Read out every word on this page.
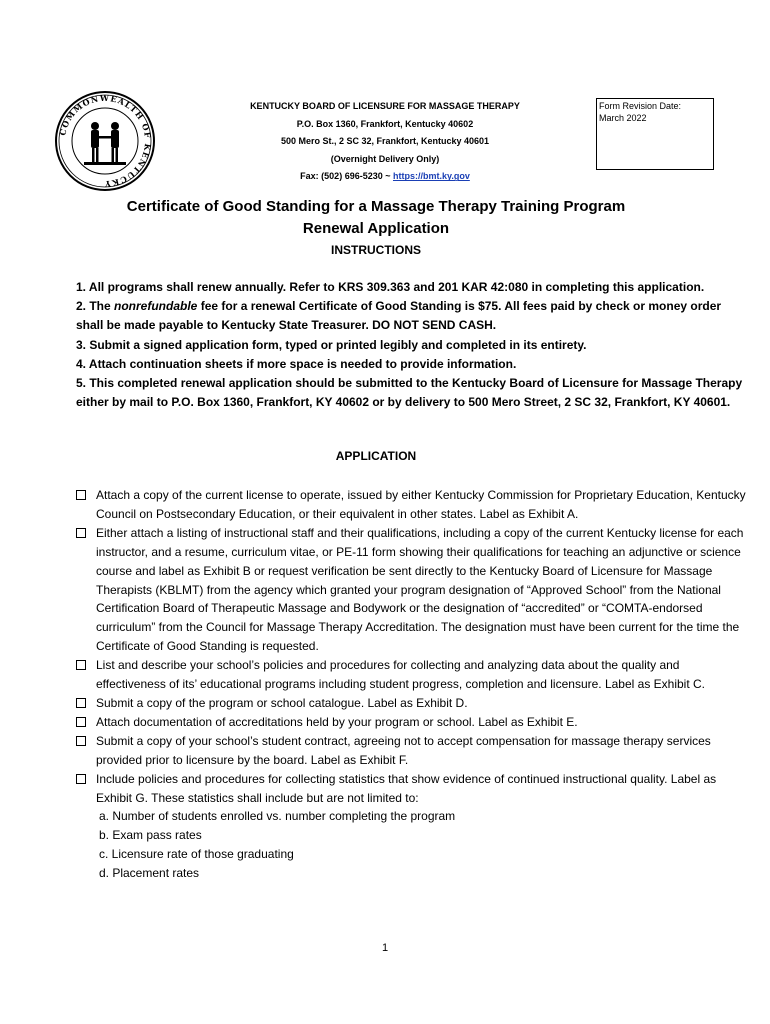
COMMONWEALTH OF KENTUCKY
KENTUCKY BOARD OF LICENSURE FOR MASSAGE THERAPY
P.O. Box 1360, Frankfort, Kentucky 40602
500 Mero St., 2 SC 32, Frankfort, Kentucky 40601
(Overnight Delivery Only)
Fax: (502) 696-5230 ~ https://bmt.ky.gov
Form Revision Date:
March 2022
Certificate of Good Standing for a Massage Therapy Training Program
Renewal Application
INSTRUCTIONS

1. All programs shall renew annually. Refer to KRS 309.363 and 201 KAR 42:080 in completing this application.

2. The nonrefundable fee for a renewal Certificate of Good Standing is $75. All fees paid by check or money order shall be made payable to Kentucky State Treasurer. DO NOT SEND CASH.

3. Submit a signed application form, typed or printed legibly and completed in its entirety.

4. Attach continuation sheets if more space is needed to provide information.

5. This completed renewal application should be submitted to the Kentucky Board of Licensure for Massage Therapy either by mail to P.O. Box 1360, Frankfort, KY 40602 or by delivery to 500 Mero Street, 2 SC 32, Frankfort, KY 40601.

APPLICATION
Attach a copy of the current license to operate, issued by either Kentucky Commission for Proprietary Education, Kentucky Council on Postsecondary Education, or their equivalent in other states. Label as Exhibit A.
Either attach a listing of instructional staff and their qualifications, including a copy of the current Kentucky license for each instructor, and a resume, curriculum vitae, or PE-11 form showing their qualifications for teaching an adjunctive or science course and label as Exhibit B or request verification be sent directly to the Kentucky Board of Licensure for Massage Therapists (KBLMT) from the agency which granted your program designation of “Approved School” from the National Certification Board of Therapeutic Massage and Bodywork or the designation of “accredited” or “COMTA-endorsed curriculum” from the Council for Massage Therapy Accreditation. The designation must have been current for the time the Certificate of Good Standing is requested.
List and describe your school’s policies and procedures for collecting and analyzing data about the quality and effectiveness of its’ educational programs including student progress, completion and licensure. Label as Exhibit C.
Submit a copy of the program or school catalogue. Label as Exhibit D.
Attach documentation of accreditations held by your program or school. Label as Exhibit E.
Submit a copy of your school’s student contract, agreeing not to accept compensation for massage therapy services provided prior to licensure by the board. Label as Exhibit F.
Include policies and procedures for collecting statistics that show evidence of continued instructional quality. Label as Exhibit G. These statistics shall include but are not limited to:
a. Number of students enrolled vs. number completing the program
b. Exam pass rates
c. Licensure rate of those graduating
d. Placement rates
1
